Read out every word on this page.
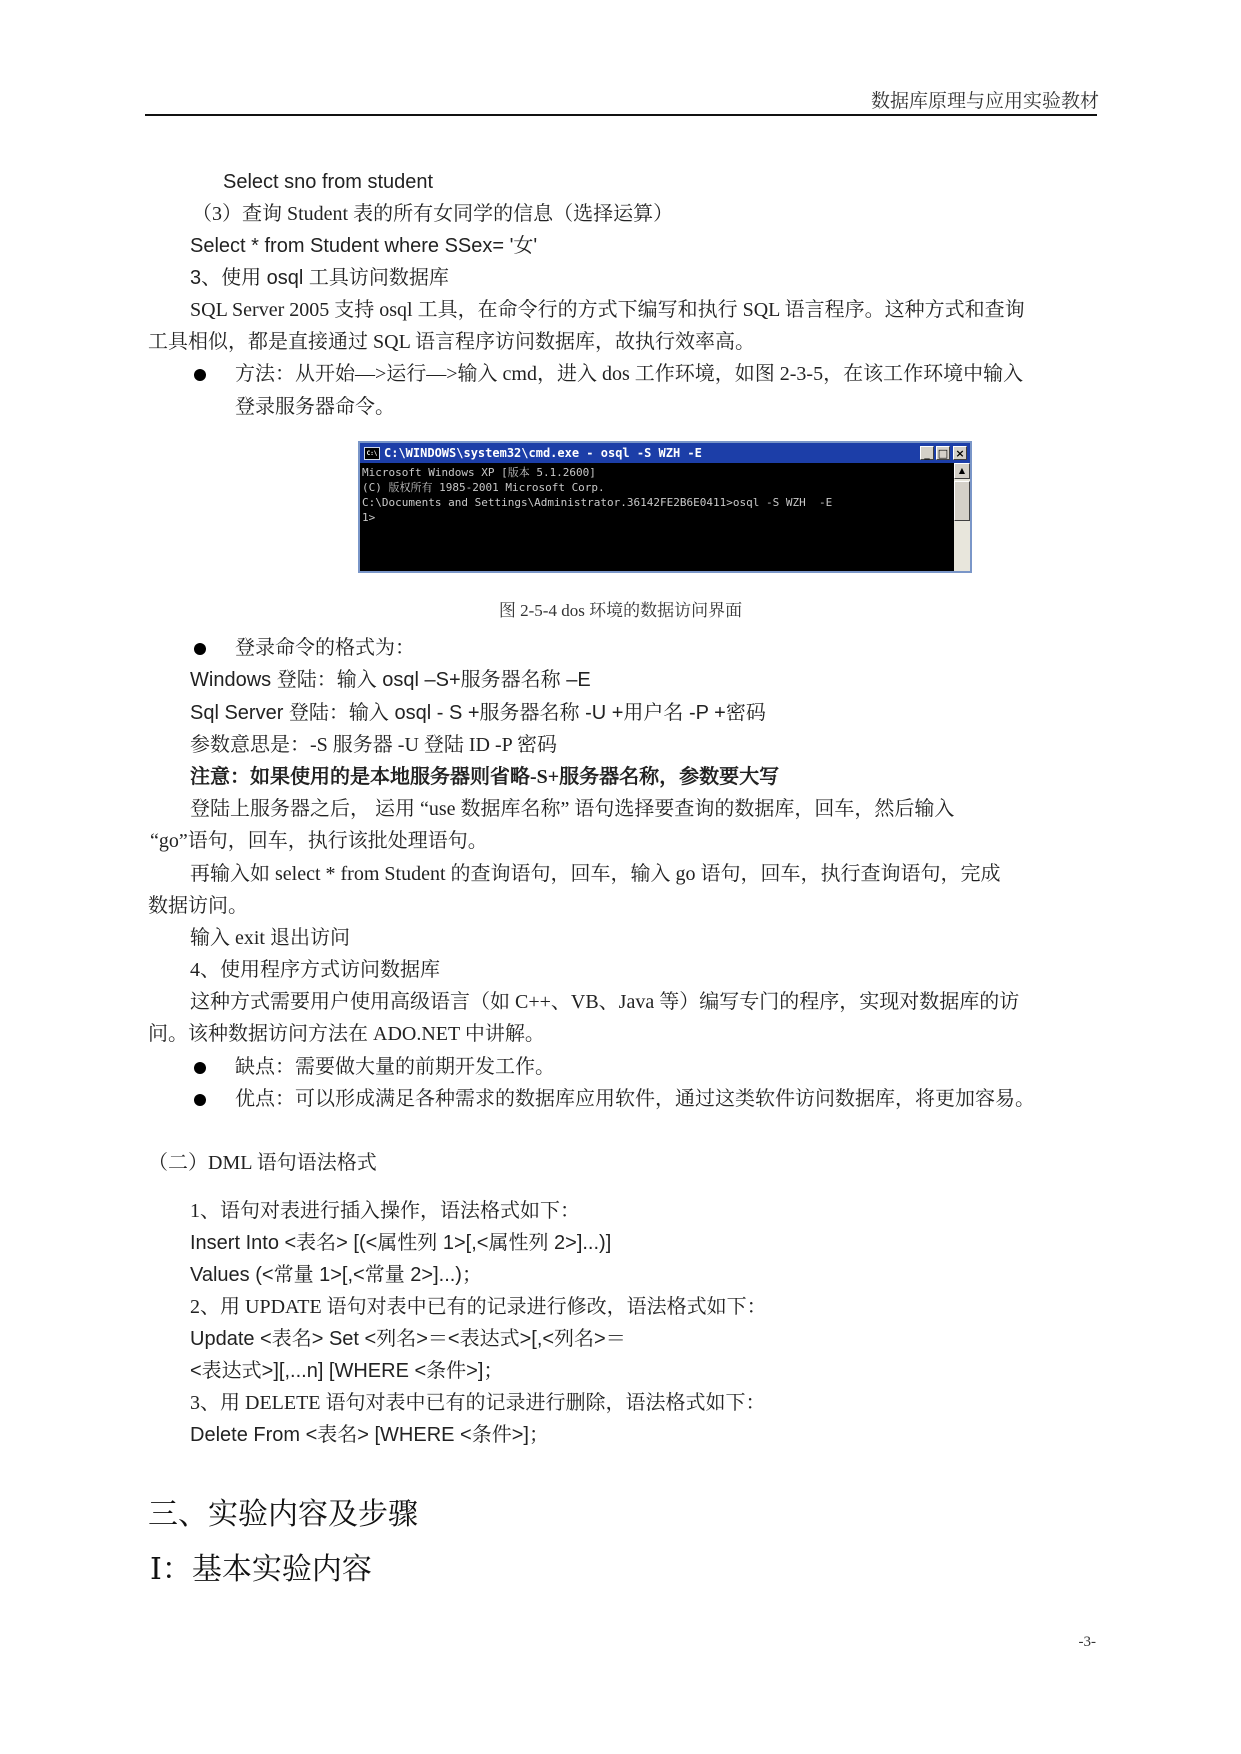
数据库原理与应用实验教材
Select sno from student
（3）查询 Student 表的所有女同学的信息（选择运算）
Select * from Student where SSex= '女'
3、使用 osql 工具访问数据库
SQL Server 2005 支持 osql 工具，在命令行的方式下编写和执行 SQL 语言程序。这种方式和查询
工具相似，都是直接通过 SQL 语言程序访问数据库，故执行效率高。
方法：从开始—>运行—>输入 cmd，进入 dos 工作环境，如图 2-3-5，在该工作环境中输入
登录服务器命令。
C:\ C:\WINDOWS\system32\cmd.exe - osql -S WZH -E	_ □ ×
Microsoft Windows XP [版本 5.1.2600]
(C) 版权所有 1985-2001 Microsoft Corp.
C:\Documents and Settings\Administrator.36142FE2B6E0411>osql -S WZH  -E
1>
▲
图 2-5-4 dos 环境的数据访问界面
登录命令的格式为：
Windows 登陆：输入 osql –S+服务器名称 –E
Sql Server 登陆：输入 osql - S +服务器名称 -U +用户名 -P +密码
参数意思是：-S 服务器 -U 登陆 ID -P 密码
注意：如果使用的是本地服务器则省略-S+服务器名称，参数要大写
登陆上服务器之后， 运用 “use 数据库名称” 语句选择要查询的数据库，回车，然后输入
“go”语句，回车，执行该批处理语句。
再输入如 select * from Student 的查询语句，回车，输入 go 语句，回车，执行查询语句，完成
数据访问。
输入 exit 退出访问
4、使用程序方式访问数据库
这种方式需要用户使用高级语言（如 C++、VB、Java 等）编写专门的程序，实现对数据库的访
问。该种数据访问方法在 ADO.NET 中讲解。
缺点：需要做大量的前期开发工作。
优点：可以形成满足各种需求的数据库应用软件，通过这类软件访问数据库，将更加容易。
（二）DML 语句语法格式
1、语句对表进行插入操作，语法格式如下：
Insert Into <表名> [(<属性列 1>[,<属性列 2>]...)]
Values (<常量 1>[,<常量 2>]...)；
2、用 UPDATE 语句对表中已有的记录进行修改，语法格式如下：
Update <表名> Set <列名>＝<表达式>[,<列名>＝
<表达式>][,...n] [WHERE <条件>]；
3、用 DELETE 语句对表中已有的记录进行删除，语法格式如下：
Delete From <表名> [WHERE <条件>]；
三、实验内容及步骤
Ⅰ：基本实验内容
-3-
